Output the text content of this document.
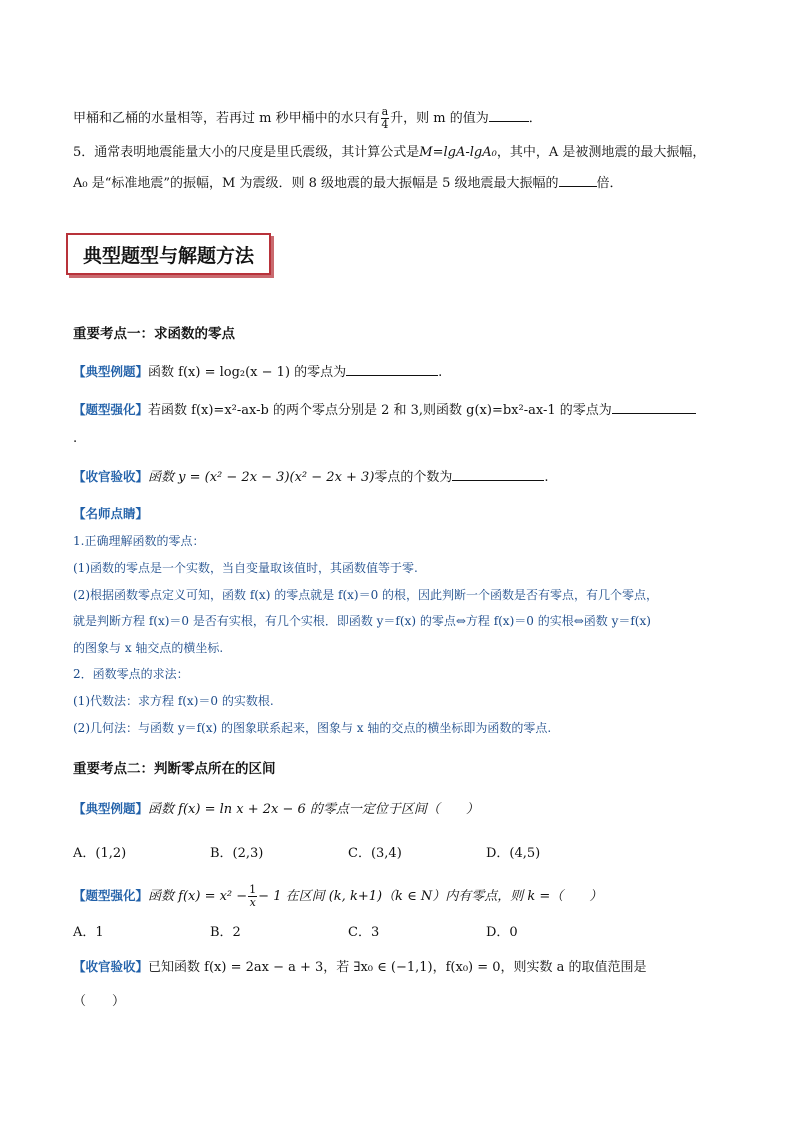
甲桶和乙桶的水量相等，若再过 m 秒甲桶中的水只有 $\frac{a}{4}$ 升，则 m 的值为	．
5．通常表明地震能量大小的尺度是里氏震级，其计算公式是M=lgA-lgA₀，其中，A 是被测地震的最大振幅，
A₀ 是“标准地震”的振幅，M 为震级．则 8 级地震的最大振幅是 5 级地震最大振幅的	倍．
典型题型与解题方法
重要考点一：求函数的零点
【典型例题】函数 f(x) = log₂(x − 1) 的零点为	.
【题型强化】若函数 f(x)=x²-ax-b 的两个零点分别是 2 和 3,则函数 g(x)=bx²-ax-1 的零点为
.
【收官验收】函数 y = (x² − 2x − 3)(x² − 2x + 3)零点的个数为	.
【名师点睛】
1.正确理解函数的零点：
(1)函数的零点是一个实数，当自变量取该值时，其函数值等于零.
(2)根据函数零点定义可知，函数 f(x) 的零点就是 f(x)＝0 的根，因此判断一个函数是否有零点，有几个零点，
就是判断方程 f(x)＝0 是否有实根，有几个实根．即函数 y＝f(x) 的零点⇔方程 f(x)＝0 的实根⇔函数 y＝f(x)
的图象与 x 轴交点的横坐标.
2．函数零点的求法：
(1)代数法：求方程 f(x)＝0 的实数根.
(2)几何法：与函数 y＝f(x) 的图象联系起来，图象与 x 轴的交点的横坐标即为函数的零点.
重要考点二：判断零点所在的区间
【典型例题】函数 f(x) = ln x + 2x − 6 的零点一定位于区间（　　）
A．(1,2)	B．(2,3)	C．(3,4)	D．(4,5)
【题型强化】函数 $f(x) = x^2 - \frac{1}{x} - 1$ 在区间 (k, k+1)（k ∈ N）内有零点，则 k =（　　）
A．1	B．2	C．3	D．0
【收官验收】已知函数 f(x) = 2ax − a + 3，若 ∃x₀ ∈ (−1,1)，f(x₀) = 0，则实数 a 的取值范围是
（　　）
